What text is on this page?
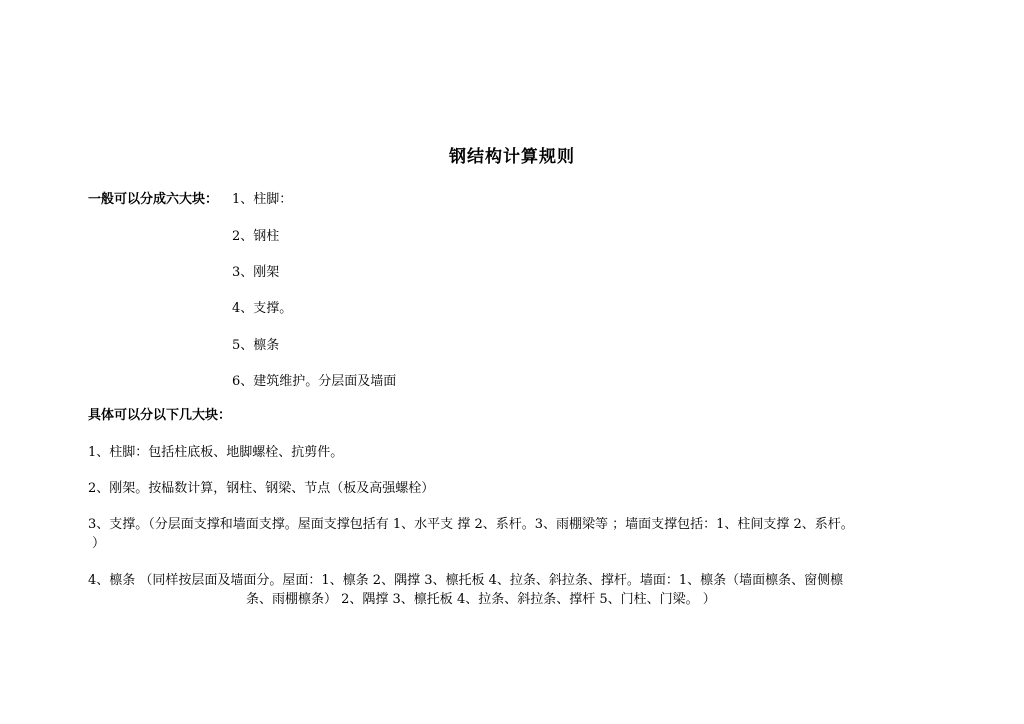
钢结构计算规则
一般可以分成六大块： 1、柱脚：
2、钢柱
3、刚架
4、支撑。
5、檩条
6、建筑维护。分层面及墙面
具体可以分以下几大块：
1、柱脚：包括柱底板、地脚螺栓、抗剪件。
2、刚架。按榀数计算，钢柱、钢梁、节点（板及高强螺栓）
3、支撑。（分层面支撑和墙面支撑。屋面支撑包括有 1、水平支 撑 2、系杆。3、雨棚梁等 ；墙面支撑包括：1、柱间支撑 2、系杆。
）
4、檩条 （同样按层面及墙面分。屋面：1、檩条 2、隅撑 3、檩托板 4、拉条、斜拉条、撑杆。墙面：1、檩条（墙面檩条、窗侧檩
条、雨棚檩条） 2、隅撑 3、檩托板 4、拉条、斜拉条、撑杆 5、门柱、门梁。 ）
